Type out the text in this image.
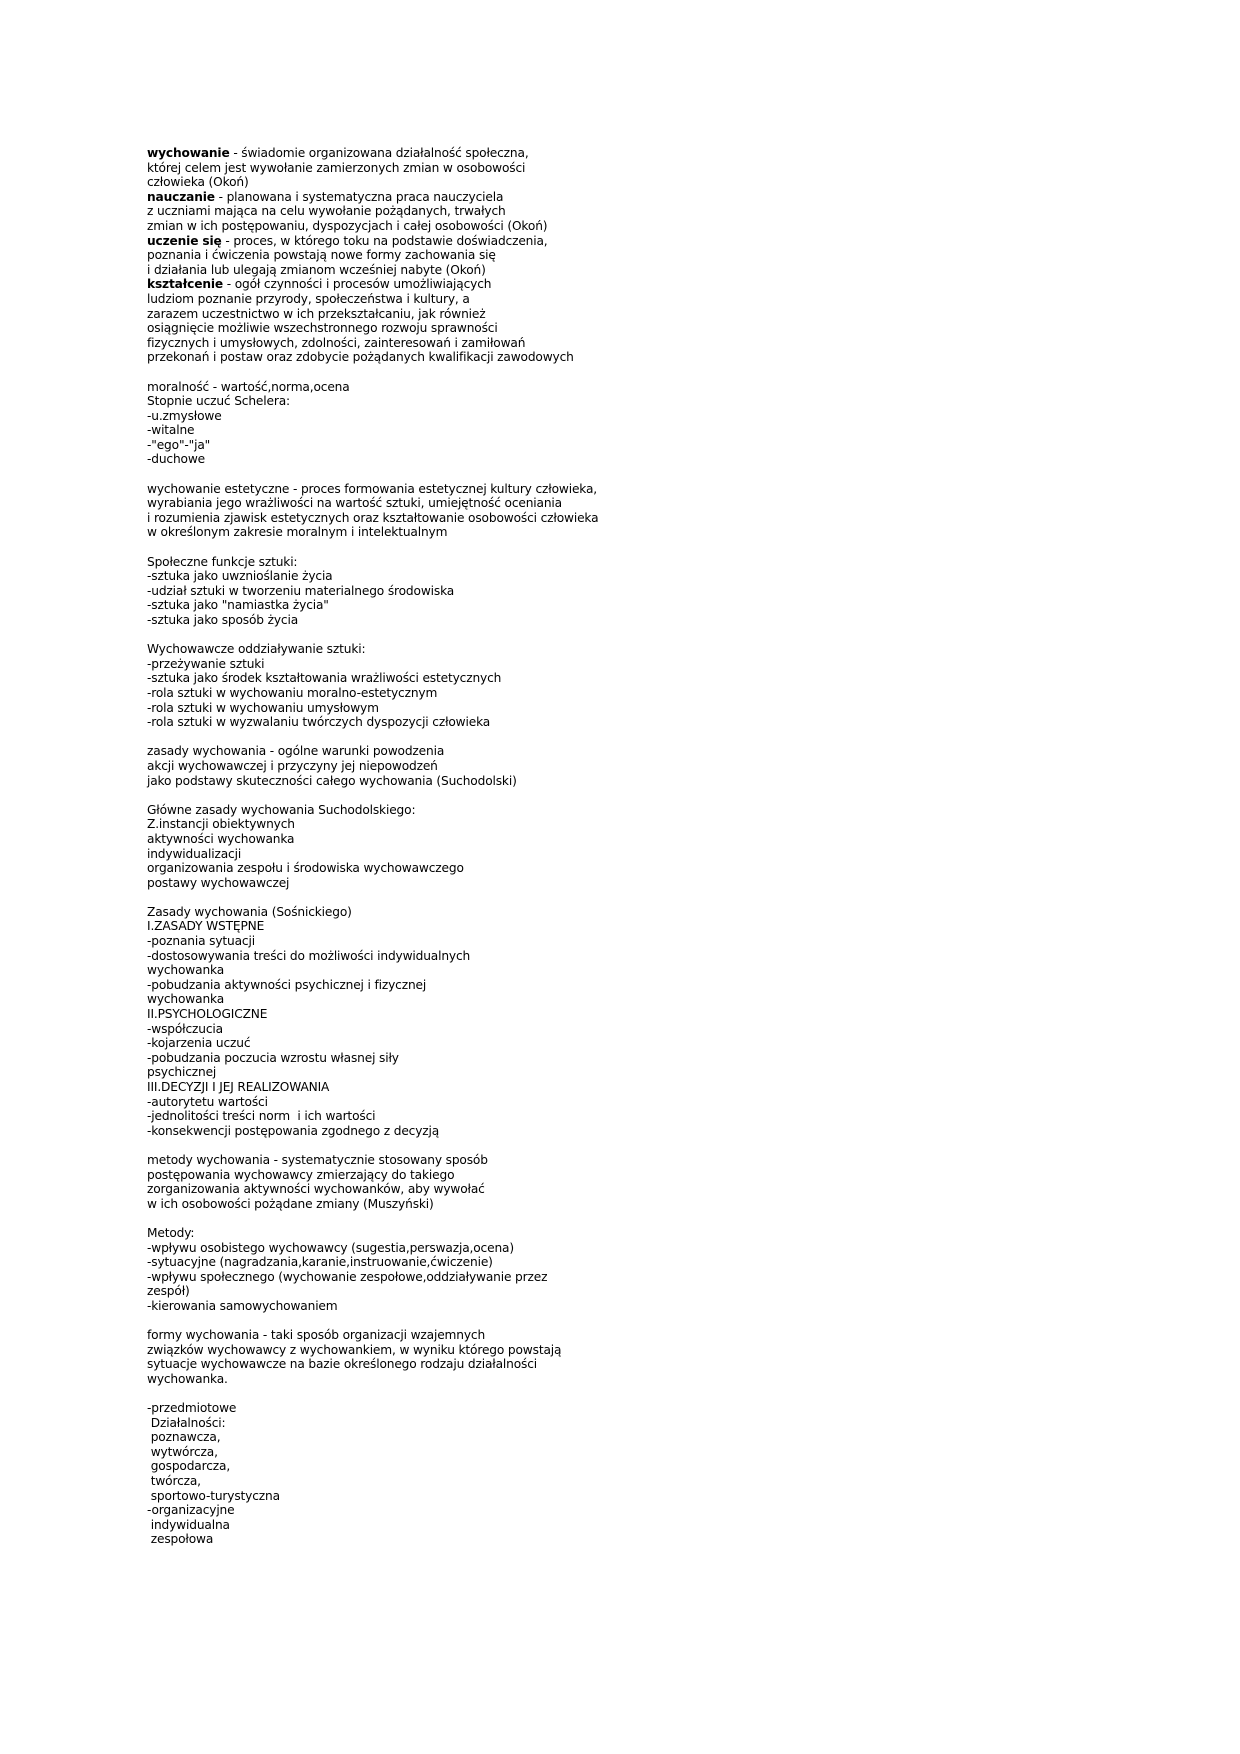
wychowanie - świadomie organizowana działalność społeczna,
której celem jest wywołanie zamierzonych zmian w osobowości
człowieka (Okoń)
nauczanie - planowana i systematyczna praca nauczyciela
z uczniami mająca na celu wywołanie pożądanych, trwałych
zmian w ich postępowaniu, dyspozycjach i całej osobowości (Okoń)
uczenie się - proces, w którego toku na podstawie doświadczenia,
poznania i ćwiczenia powstają nowe formy zachowania się
i działania lub ulegają zmianom wcześniej nabyte (Okoń)
kształcenie - ogół czynności i procesów umożliwiających
ludziom poznanie przyrody, społeczeństwa i kultury, a
zarazem uczestnictwo w ich przekształcaniu, jak również
osiągnięcie możliwie wszechstronnego rozwoju sprawności
fizycznych i umysłowych, zdolności, zainteresowań i zamiłowań
przekonań i postaw oraz zdobycie pożądanych kwalifikacji zawodowych
moralność - wartość,norma,ocena
Stopnie uczuć Schelera:
-u.zmysłowe
-witalne
-"ego"-"ja"
-duchowe
wychowanie estetyczne - proces formowania estetycznej kultury człowieka,
wyrabiania jego wrażliwości na wartość sztuki, umiejętność oceniania
i rozumienia zjawisk estetycznych oraz kształtowanie osobowości człowieka
w określonym zakresie moralnym i intelektualnym
Społeczne funkcje sztuki:
-sztuka jako uwznioślanie życia
-udział sztuki w tworzeniu materialnego środowiska
-sztuka jako "namiastka życia"
-sztuka jako sposób życia
Wychowawcze oddziaływanie sztuki:
-przeżywanie sztuki
-sztuka jako środek kształtowania wrażliwości estetycznych
-rola sztuki w wychowaniu moralno-estetycznym
-rola sztuki w wychowaniu umysłowym
-rola sztuki w wyzwalaniu twórczych dyspozycji człowieka
zasady wychowania - ogólne warunki powodzenia
akcji wychowawczej i przyczyny jej niepowodzeń
jako podstawy skuteczności całego wychowania (Suchodolski)
Główne zasady wychowania Suchodolskiego:
Z.instancji obiektywnych
aktywności wychowanka
indywidualizacji
organizowania zespołu i środowiska wychowawczego
postawy wychowawczej
Zasady wychowania (Sośnickiego)
I.ZASADY WSTĘPNE
-poznania sytuacji
-dostosowywania treści do możliwości indywidualnych
wychowanka
-pobudzania aktywności psychicznej i fizycznej
wychowanka
II.PSYCHOLOGICZNE
-współczucia
-kojarzenia uczuć
-pobudzania poczucia wzrostu własnej siły
psychicznej
III.DECYZJI I JEJ REALIZOWANIA
-autorytetu wartości
-jednolitości treści norm  i ich wartości
-konsekwencji postępowania zgodnego z decyzją
metody wychowania - systematycznie stosowany sposób
postępowania wychowawcy zmierzający do takiego
zorganizowania aktywności wychowanków, aby wywołać
w ich osobowości pożądane zmiany (Muszyński)
Metody:
-wpływu osobistego wychowawcy (sugestia,perswazja,ocena)
-sytuacyjne (nagradzania,karanie,instruowanie,ćwiczenie)
-wpływu społecznego (wychowanie zespołowe,oddziaływanie przez
zespół)
-kierowania samowychowaniem
formy wychowania - taki sposób organizacji wzajemnych
związków wychowawcy z wychowankiem, w wyniku którego powstają
sytuacje wychowawcze na bazie określonego rodzaju działalności
wychowanka.
-przedmiotowe
Działalności:
poznawcza,
wytwórcza,
gospodarcza,
twórcza,
sportowo-turystyczna
-organizacyjne
indywidualna
zespołowa
